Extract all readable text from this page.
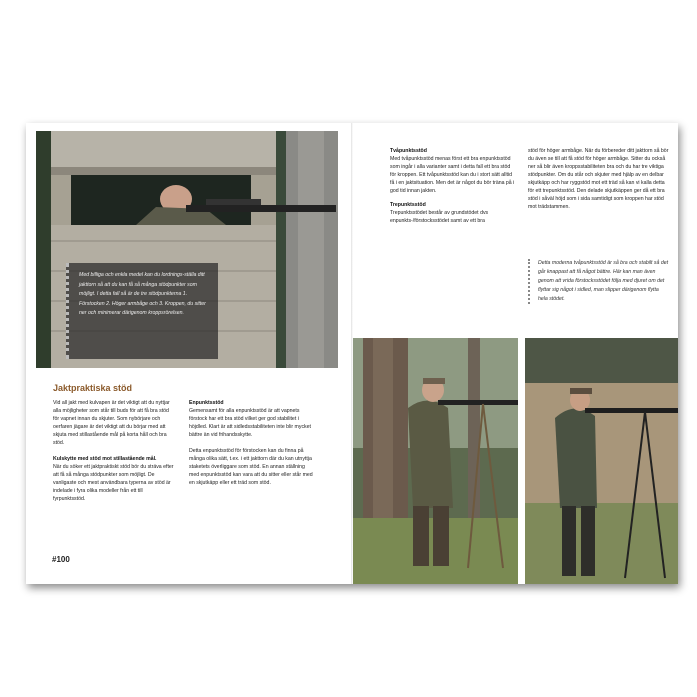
Med billiga och enkla medel kan du lordnings-ställa ditt jakttorn så att du kan få så många stödpunkter som möjligt. I detta fall så är de tre stödpunkterna 1. Förstocken 2. Höger armbåge och 3. Kroppen, du sitter ner och minimerar därigenom kroppsrörelsen.
Jaktpraktiska stöd
Vid all jakt med kulvapen är det viktigt att du nyttjar alla möjligheter som står till buds för att få bra stöd för vapnet innan du skjuter. Som nybörjare och oerfaren jägare är det viktigt att du börjar med att skjuta med stillastående mål på korta håll och bra stöd.
Kulskytte med stöd mot stillastående mål.
När du söker ett jaktpraktiskt stöd bör du sträva efter att få så många stödpunkter som möjligt. De vanligaste och mest användbara typerna av stöd är indelade i fyra olika modeller från ett till fyrpunktsstöd.
Enpunktsstöd
Gemensamt för alla enpunktsstöd är att vapnets förstock har ett bra stöd vilket ger god stabilitet i höjdled. Klart är att sidledsstabiliteten inte blir mycket bättre än vid frihandsskytte.
Detta enpunktsstöd för förstocken kan du finna på många olika sätt, t.ex. i ett jakttorn där du kan utnyttja staketets överliggare som stöd. En annan ställning med enpunktsstöd kan vara att du sitter eller står med en skjutkäpp eller ett träd som stöd.
#100
Tvåpunktsstöd
Med tvåpunktsstöd menas först ett bra enpunktsstöd som ingår i alla varianter samt i detta fall ett bra stöd för kroppen. Ett tvåpunktsstöd kan du i stort sätt alltid få i en jaktsituation. Men det är något du bör träna på i god tid innan jakten.
Trepunktsstöd
Trepunktsstödet består av grundstödet dvs enpunkts-/förstocksstödet samt av ett bra
stöd för höger armbåge. När du förbereder ditt jakttorn så bör du även se till att få stöd för höger armbåge. Sitter du också ner så blir även kroppsstabiliteten bra och du har tre viktiga stödpunkter. Om du står och skjuter med hjälp av en delbar skjutkäpp och har ryggstöd mot ett träd så kan vi kalla detta för ett trepunktsstöd. Den delade skjutkäppen ger då ett bra stöd i såväl höjd som i sida samtidigt som kroppen har stöd mot trädstammen.
Detta moderna tvåpunktsstöd är så bra och stabilt så det går knappast att få något bättre. Här kan man även genom att vrida förstocksstödet följa med djuret om det flyttar sig något i sidled, man slipper därigenom flytta hela stödet.
